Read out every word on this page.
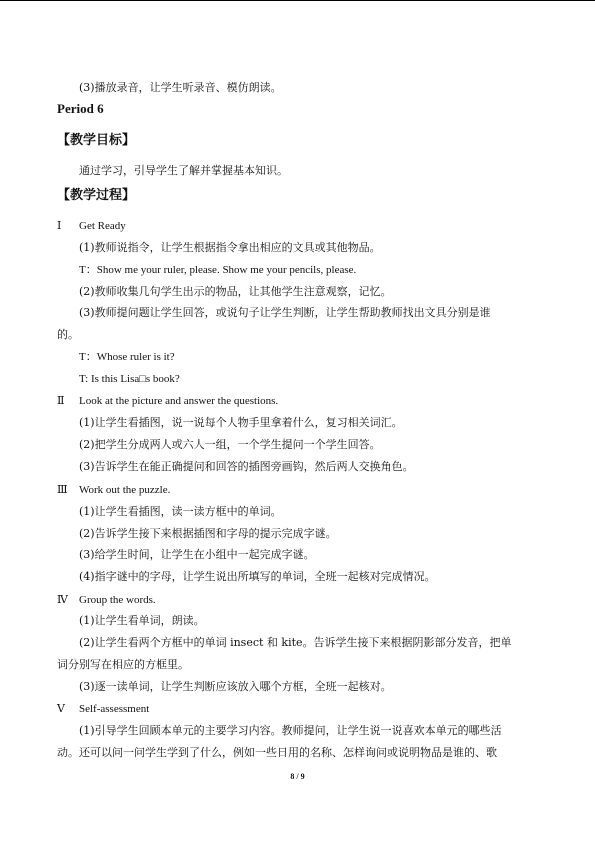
(3)播放录音，让学生听录音、模仿朗读。
Period 6
【教学目标】
通过学习，引导学生了解并掌握基本知识。
【教学过程】
Ⅰ Get Ready
(1)教师说指令，让学生根据指令拿出相应的文具或其他物品。
T：Show me your ruler, please. Show me your pencils, please.
(2)教师收集几句学生出示的物品，让其他学生注意观察，记忆。
(3)教师提问题让学生回答，或说句子让学生判断，让学生帮助教师找出文具分别是谁
的。
T：Whose ruler is it?
T: Is this Lisa□s book?
Ⅱ Look at the picture and answer the questions.
(1)让学生看插图，说一说每个人物手里拿着什么，复习相关词汇。
(2)把学生分成两人或六人一组，一个学生提问一个学生回答。
(3)告诉学生在能正确提问和回答的插图旁画钩，然后两人交换角色。
Ⅲ Work out the puzzle.
(1)让学生看插图，读一读方框中的单词。
(2)告诉学生接下来根据插图和字母的提示完成字谜。
(3)给学生时间，让学生在小组中一起完成字谜。
(4)指字谜中的字母，让学生说出所填写的单词，全班一起核对完成情况。
Ⅳ Group the words.
(1)让学生看单词，朗读。
(2)让学生看两个方框中的单词 insect 和 kite。告诉学生接下来根据阴影部分发音，把单
词分别写在相应的方框里。
(3)逐一读单词，让学生判断应该放入哪个方框，全班一起核对。
Ⅴ Self-assessment
(1)引导学生回顾本单元的主要学习内容。教师提问，让学生说一说喜欢本单元的哪些活
动。还可以问一问学生学到了什么，例如一些日用的名称、怎样询问或说明物品是谁的、歌
8 / 9
